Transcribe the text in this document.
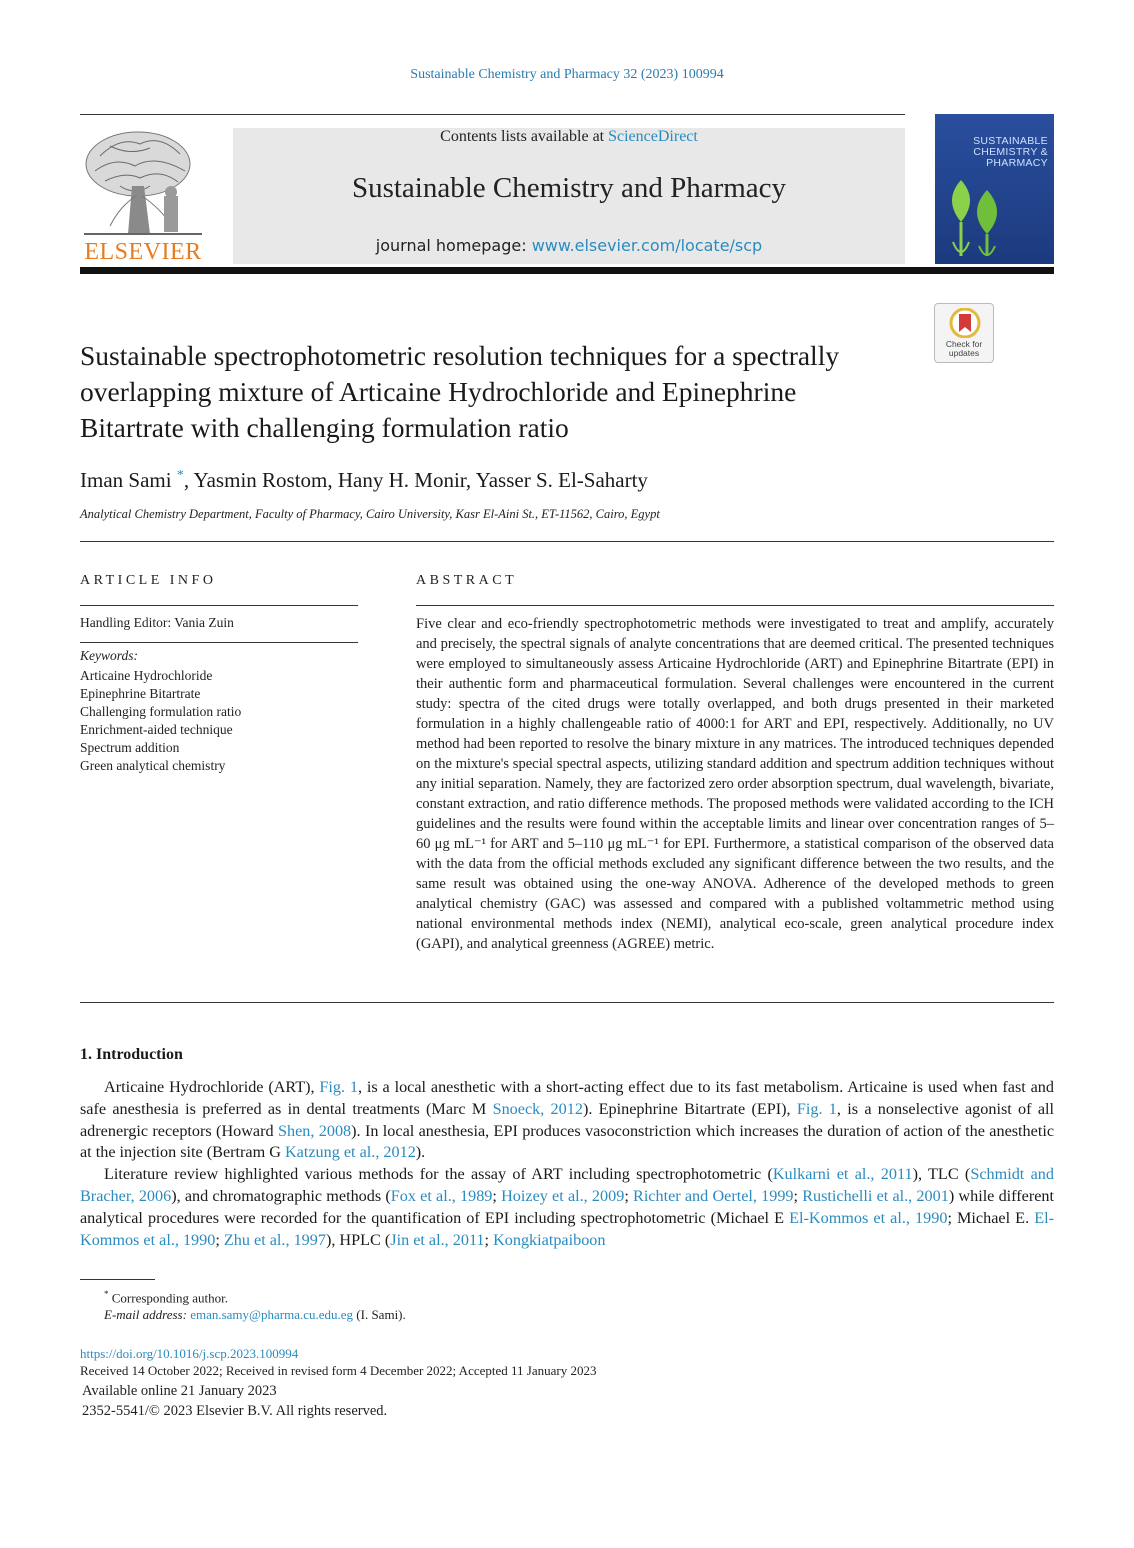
Sustainable Chemistry and Pharmacy 32 (2023) 100994
ELSEVIER
Contents lists available at ScienceDirect
Sustainable Chemistry and Pharmacy
journal homepage: www.elsevier.com/locate/scp
SUSTAINABLE CHEMISTRY & PHARMACY
Check for updates
Sustainable spectrophotometric resolution techniques for a spectrally overlapping mixture of Articaine Hydrochloride and Epinephrine Bitartrate with challenging formulation ratio
Iman Sami *, Yasmin Rostom, Hany H. Monir, Yasser S. El-Saharty
Analytical Chemistry Department, Faculty of Pharmacy, Cairo University, Kasr El-Aini St., ET-11562, Cairo, Egypt
ARTICLE INFO
Handling Editor: Vania Zuin
Keywords:
Articaine Hydrochloride
Epinephrine Bitartrate
Challenging formulation ratio
Enrichment-aided technique
Spectrum addition
Green analytical chemistry
ABSTRACT
Five clear and eco-friendly spectrophotometric methods were investigated to treat and amplify, accurately and precisely, the spectral signals of analyte concentrations that are deemed critical. The presented techniques were employed to simultaneously assess Articaine Hydrochloride (ART) and Epinephrine Bitartrate (EPI) in their authentic form and pharmaceutical formulation. Several challenges were encountered in the current study: spectra of the cited drugs were totally overlapped, and both drugs presented in their marketed formulation in a highly challengeable ratio of 4000:1 for ART and EPI, respectively. Additionally, no UV method had been reported to resolve the binary mixture in any matrices. The introduced techniques depended on the mixture's special spectral aspects, utilizing standard addition and spectrum addition techniques without any initial separation. Namely, they are factorized zero order absorption spectrum, dual wavelength, bivariate, constant extraction, and ratio difference methods. The proposed methods were validated according to the ICH guidelines and the results were found within the acceptable limits and linear over concentration ranges of 5–60 μg mL⁻¹ for ART and 5–110 μg mL⁻¹ for EPI. Furthermore, a statistical comparison of the observed data with the data from the official methods excluded any significant difference between the two results, and the same result was obtained using the one-way ANOVA. Adherence of the developed methods to green analytical chemistry (GAC) was assessed and compared with a published voltammetric method using national environmental methods index (NEMI), analytical eco-scale, green analytical procedure index (GAPI), and analytical greenness (AGREE) metric.
1. Introduction

Articaine Hydrochloride (ART), Fig. 1, is a local anesthetic with a short-acting effect due to its fast metabolism. Articaine is used when fast and safe anesthesia is preferred as in dental treatments (Marc M Snoeck, 2012). Epinephrine Bitartrate (EPI), Fig. 1, is a nonselective agonist of all adrenergic receptors (Howard Shen, 2008). In local anesthesia, EPI produces vasoconstriction which increases the duration of action of the anesthetic at the injection site (Bertram G Katzung et al., 2012).

Literature review highlighted various methods for the assay of ART including spectrophotometric (Kulkarni et al., 2011), TLC (Schmidt and Bracher, 2006), and chromatographic methods (Fox et al., 1989; Hoizey et al., 2009; Richter and Oertel, 1999; Rustichelli et al., 2001) while different analytical procedures were recorded for the quantification of EPI including spectrophotometric (Michael E El-Kommos et al., 1990; Michael E. El-Kommos et al., 1990; Zhu et al., 1997), HPLC (Jin et al., 2011; Kongkiatpaiboon

* Corresponding author.
E-mail address: eman.samy@pharma.cu.edu.eg (I. Sami).
https://doi.org/10.1016/j.scp.2023.100994
Received 14 October 2022; Received in revised form 4 December 2022; Accepted 11 January 2023
Available online 21 January 2023
2352-5541/© 2023 Elsevier B.V. All rights reserved.
